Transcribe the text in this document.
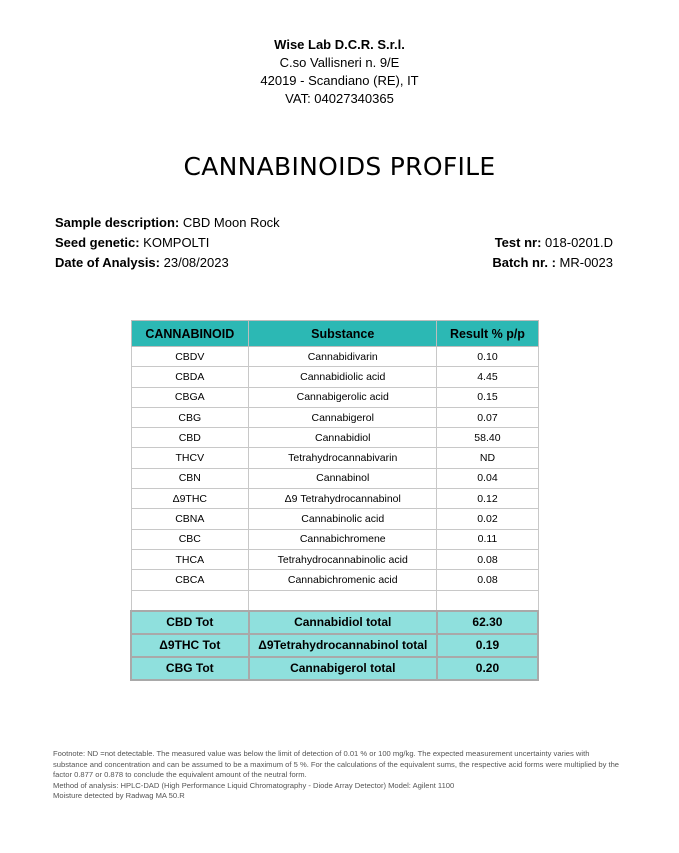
Wise Lab D.C.R. S.r.l.
C.so Vallisneri n. 9/E
42019 - Scandiano (RE), IT
VAT: 04027340365
CANNABINOIDS PROFILE
Sample description: CBD Moon Rock
Seed genetic: KOMPOLTI
Date of Analysis: 23/08/2023
Test nr: 018-0201.D
Batch nr. : MR-0023
CANNABINOID	Substance	Result % p/p
CBDV	Cannabidivarin	0.10
CBDA	Cannabidiolic acid	4.45
CBGA	Cannabigerolic acid	0.15
CBG	Cannabigerol	0.07
CBD	Cannabidiol	58.40
THCV	Tetrahydrocannabivarin	ND
CBN	Cannabinol	0.04
Δ9THC	Δ9 Tetrahydrocannabinol	0.12
CBNA	Cannabinolic acid	0.02
CBC	Cannabichromene	0.11
THCA	Tetrahydrocannabinolic acid	0.08
CBCA	Cannabichromenic acid	0.08

CBD Tot	Cannabidiol total	62.30
Δ9THC Tot	Δ9Tetrahydrocannabinol total	0.19
CBG Tot	Cannabigerol total	0.20
Footnote: ND =not detectable. The measured value was below the limit of detection of 0.01 % or 100 mg/kg. The expected measurement uncertainty varies with substance and concentration and can be assumed to be a maximum of 5 %. For the calculations of the equivalent sums, the respective acid forms were multiplied by the factor 0.877 or 0.878 to conclude the equivalent amount of the neutral form.
Method of analysis: HPLC-DAD (High Performance Liquid Chromatography - Diode Array Detector) Model: Agilent 1100
Moisture detected by Radwag MA 50.R
